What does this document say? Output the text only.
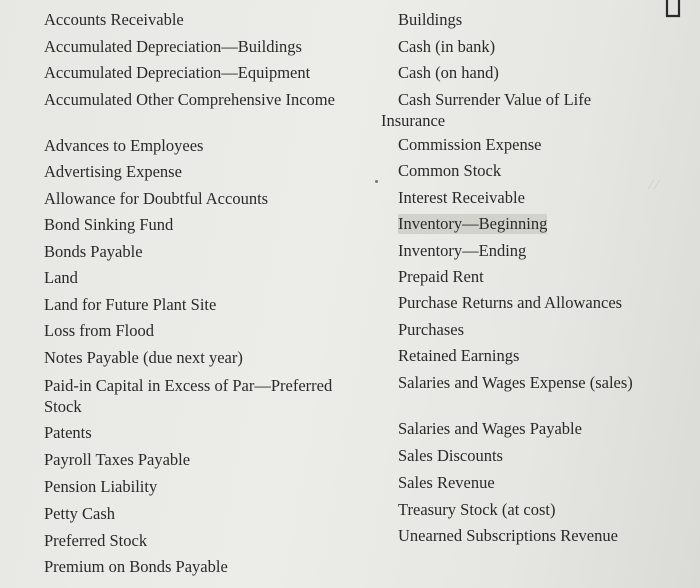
Accounts Receivable
Accumulated Depreciation—Buildings
Accumulated Depreciation—Equipment
Accumulated Other Comprehensive Income
Advances to Employees
Advertising Expense
Allowance for Doubtful Accounts
Bond Sinking Fund
Bonds Payable
Land
Land for Future Plant Site
Loss from Flood
Notes Payable (due next year)
Paid-in Capital in Excess of Par—Preferred Stock
Patents
Payroll Taxes Payable
Pension Liability
Petty Cash
Preferred Stock
Premium on Bonds Payable
Buildings
Cash (in bank)
Cash (on hand)
Cash Surrender Value of Life Insurance
Commission Expense
Common Stock
Interest Receivable
Inventory—Beginning
Inventory—Ending
Prepaid Rent
Purchase Returns and Allowances
Purchases
Retained Earnings
Salaries and Wages Expense (sales)
Salaries and Wages Payable
Sales Discounts
Sales Revenue
Treasury Stock (at cost)
Unearned Subscriptions Revenue
⁄ ⁄
